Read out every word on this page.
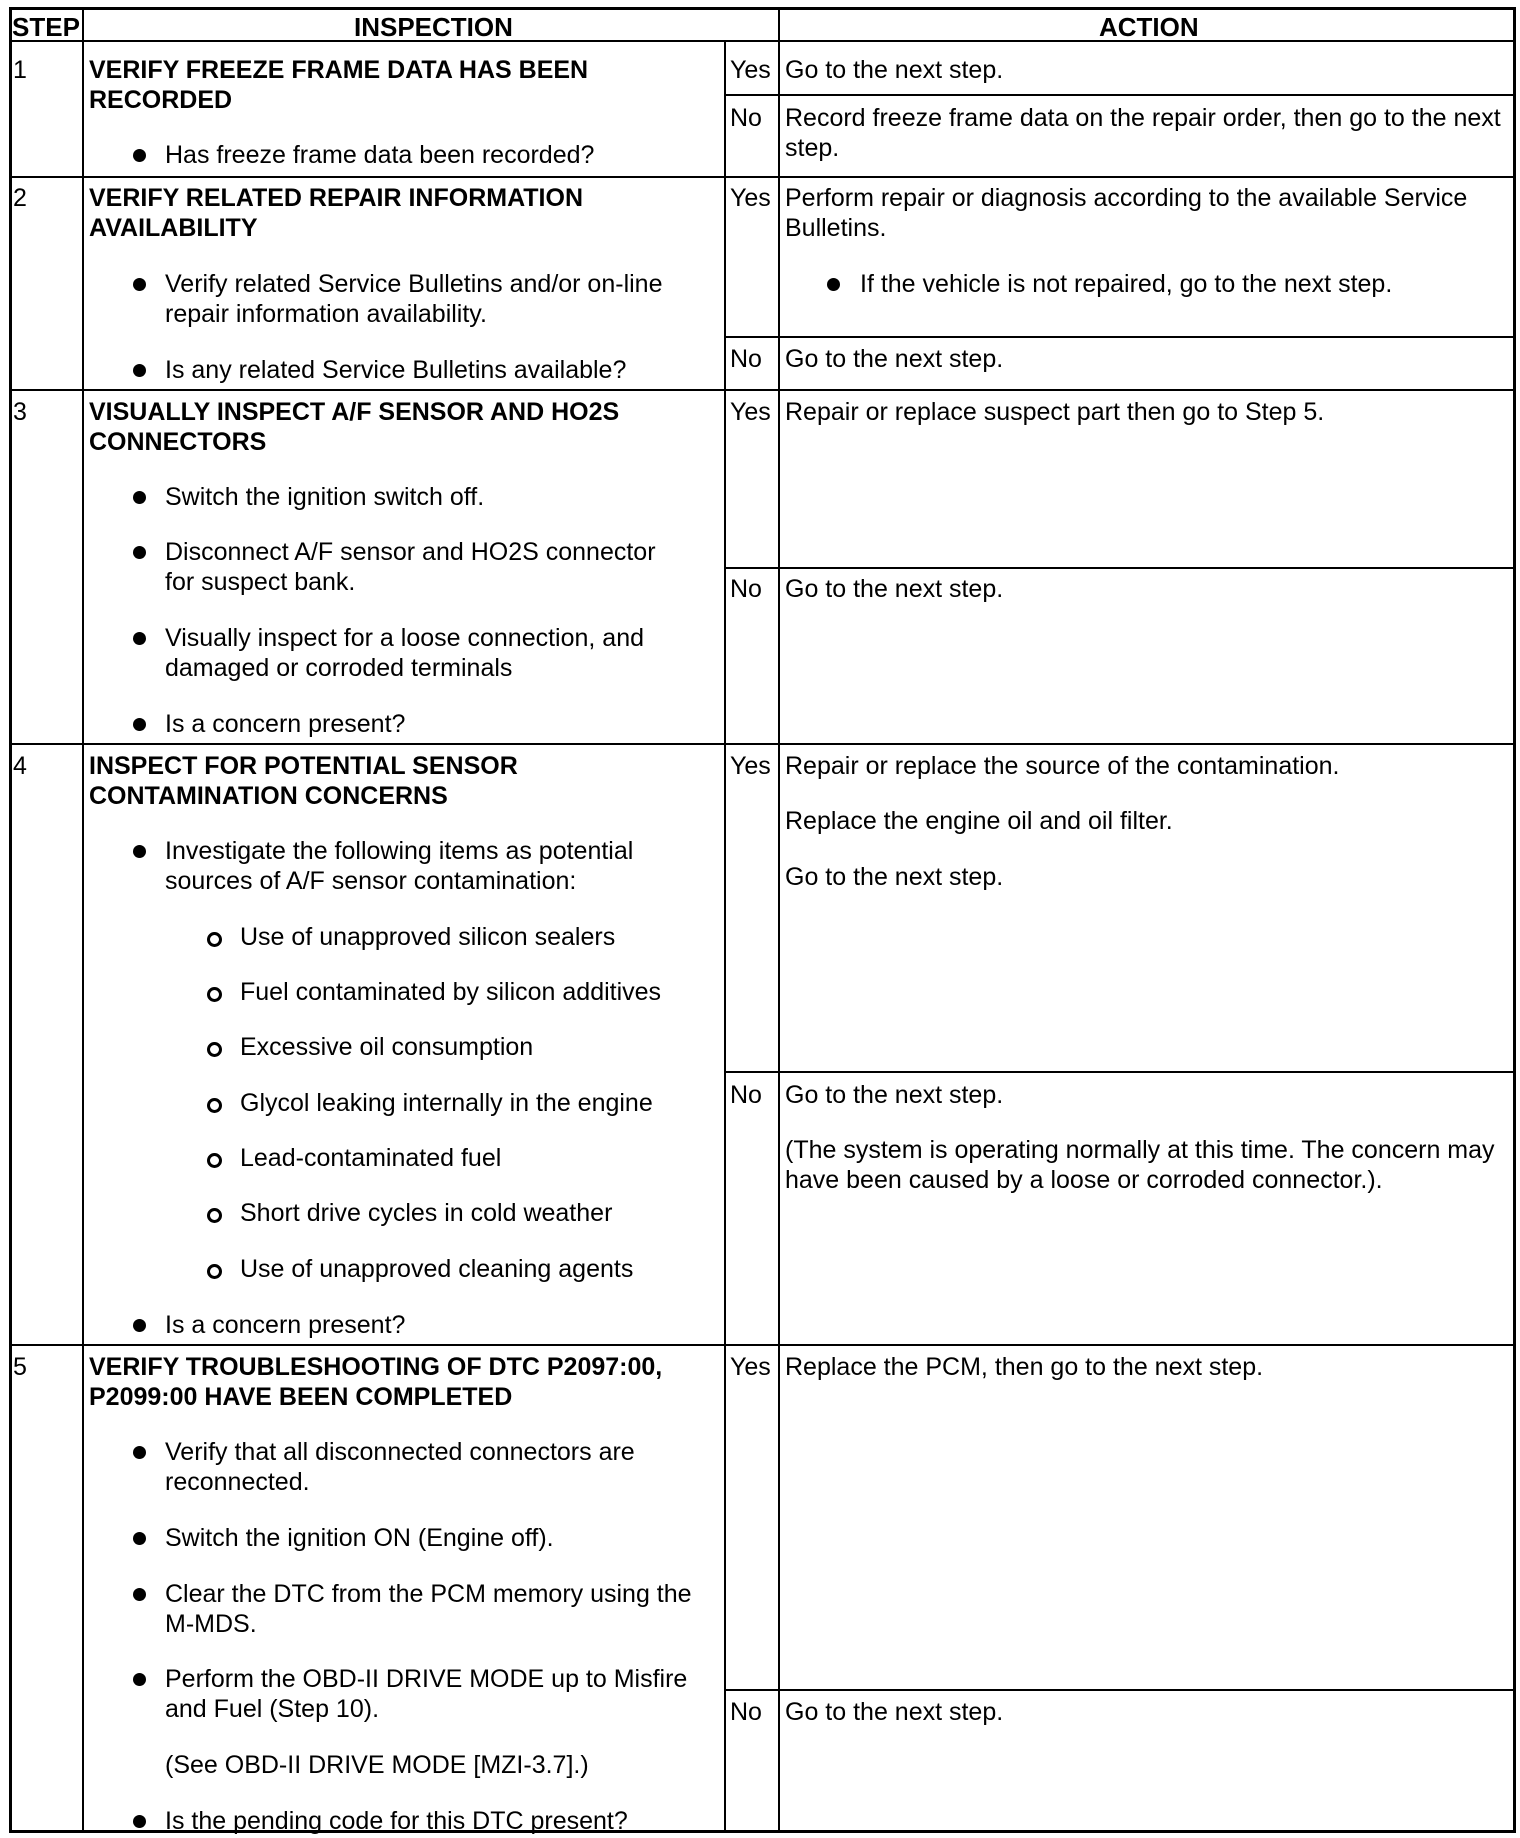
STEP	INSPECTION	ACTION
1 VERIFY FREEZE FRAME DATA HAS BEEN
RECORDED
Has freeze frame data been recorded?
Yes Go to the next step.
No Record freeze frame data on the repair order, then go to the next
step.
2 VERIFY RELATED REPAIR INFORMATION
AVAILABILITY
Verify related Service Bulletins and/or on-line
repair information availability.
Is any related Service Bulletins available?
Yes Perform repair or diagnosis according to the available Service
Bulletins.
If the vehicle is not repaired, go to the next step.
No Go to the next step.
3 VISUALLY INSPECT A/F SENSOR AND HO2S
CONNECTORS
Switch the ignition switch off.
Disconnect A/F sensor and HO2S connector
for suspect bank.
Visually inspect for a loose connection, and
damaged or corroded terminals
Is a concern present?
Yes Repair or replace suspect part then go to Step 5.
No Go to the next step.
4 INSPECT FOR POTENTIAL SENSOR
CONTAMINATION CONCERNS
Investigate the following items as potential
sources of A/F sensor contamination:
Use of unapproved silicon sealers
Fuel contaminated by silicon additives
Excessive oil consumption
Glycol leaking internally in the engine
Lead-contaminated fuel
Short drive cycles in cold weather
Use of unapproved cleaning agents
Is a concern present?
Yes Repair or replace the source of the contamination.
Replace the engine oil and oil filter.
Go to the next step.
No Go to the next step.
(The system is operating normally at this time. The concern may
have been caused by a loose or corroded connector.).
5 VERIFY TROUBLESHOOTING OF DTC P2097:00,
P2099:00 HAVE BEEN COMPLETED
Verify that all disconnected connectors are
reconnected.
Switch the ignition ON (Engine off).
Clear the DTC from the PCM memory using the
M-MDS.
Perform the OBD-II DRIVE MODE up to Misfire
and Fuel (Step 10).
(See OBD-II DRIVE MODE [MZI-3.7].)
Is the pending code for this DTC present?
Yes Replace the PCM, then go to the next step.
No Go to the next step.
